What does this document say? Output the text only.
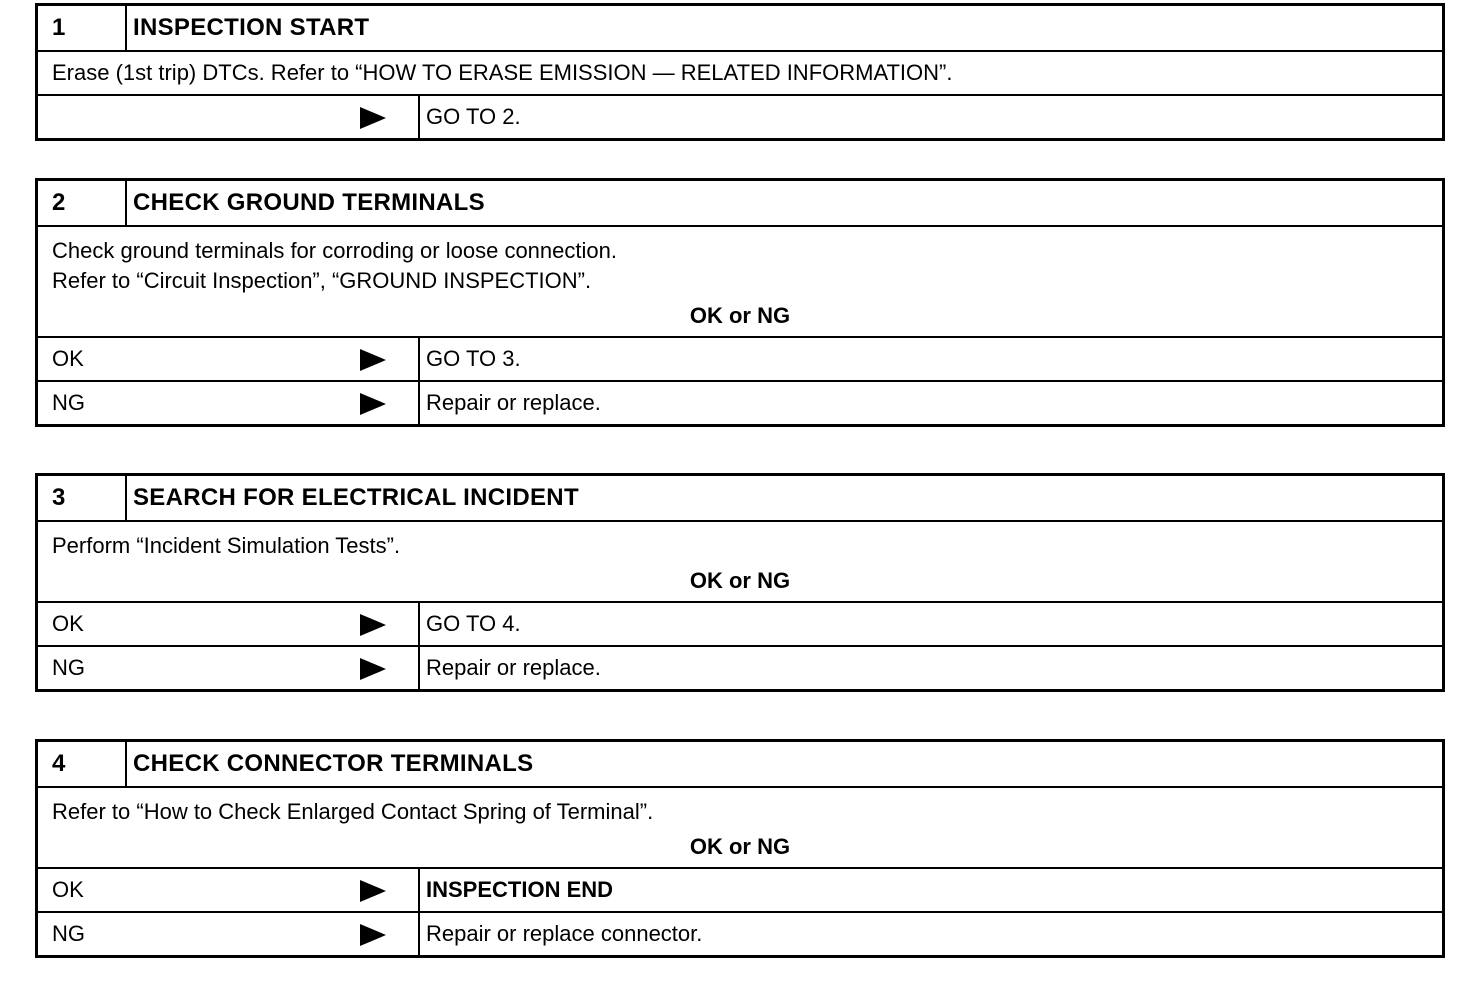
1	INSPECTION START
Erase (1st trip) DTCs. Refer to “HOW TO ERASE EMISSION — RELATED INFORMATION”.
GO TO 2.
2	CHECK GROUND TERMINALS
Check ground terminals for corroding or loose connection.
Refer to “Circuit Inspection”, “GROUND INSPECTION”.
OK or NG
OK	GO TO 3.
NG	Repair or replace.
3	SEARCH FOR ELECTRICAL INCIDENT
Perform “Incident Simulation Tests”.
OK or NG
OK	GO TO 4.
NG	Repair or replace.
4	CHECK CONNECTOR TERMINALS
Refer to “How to Check Enlarged Contact Spring of Terminal”.
OK or NG
OK	INSPECTION END
NG	Repair or replace connector.
